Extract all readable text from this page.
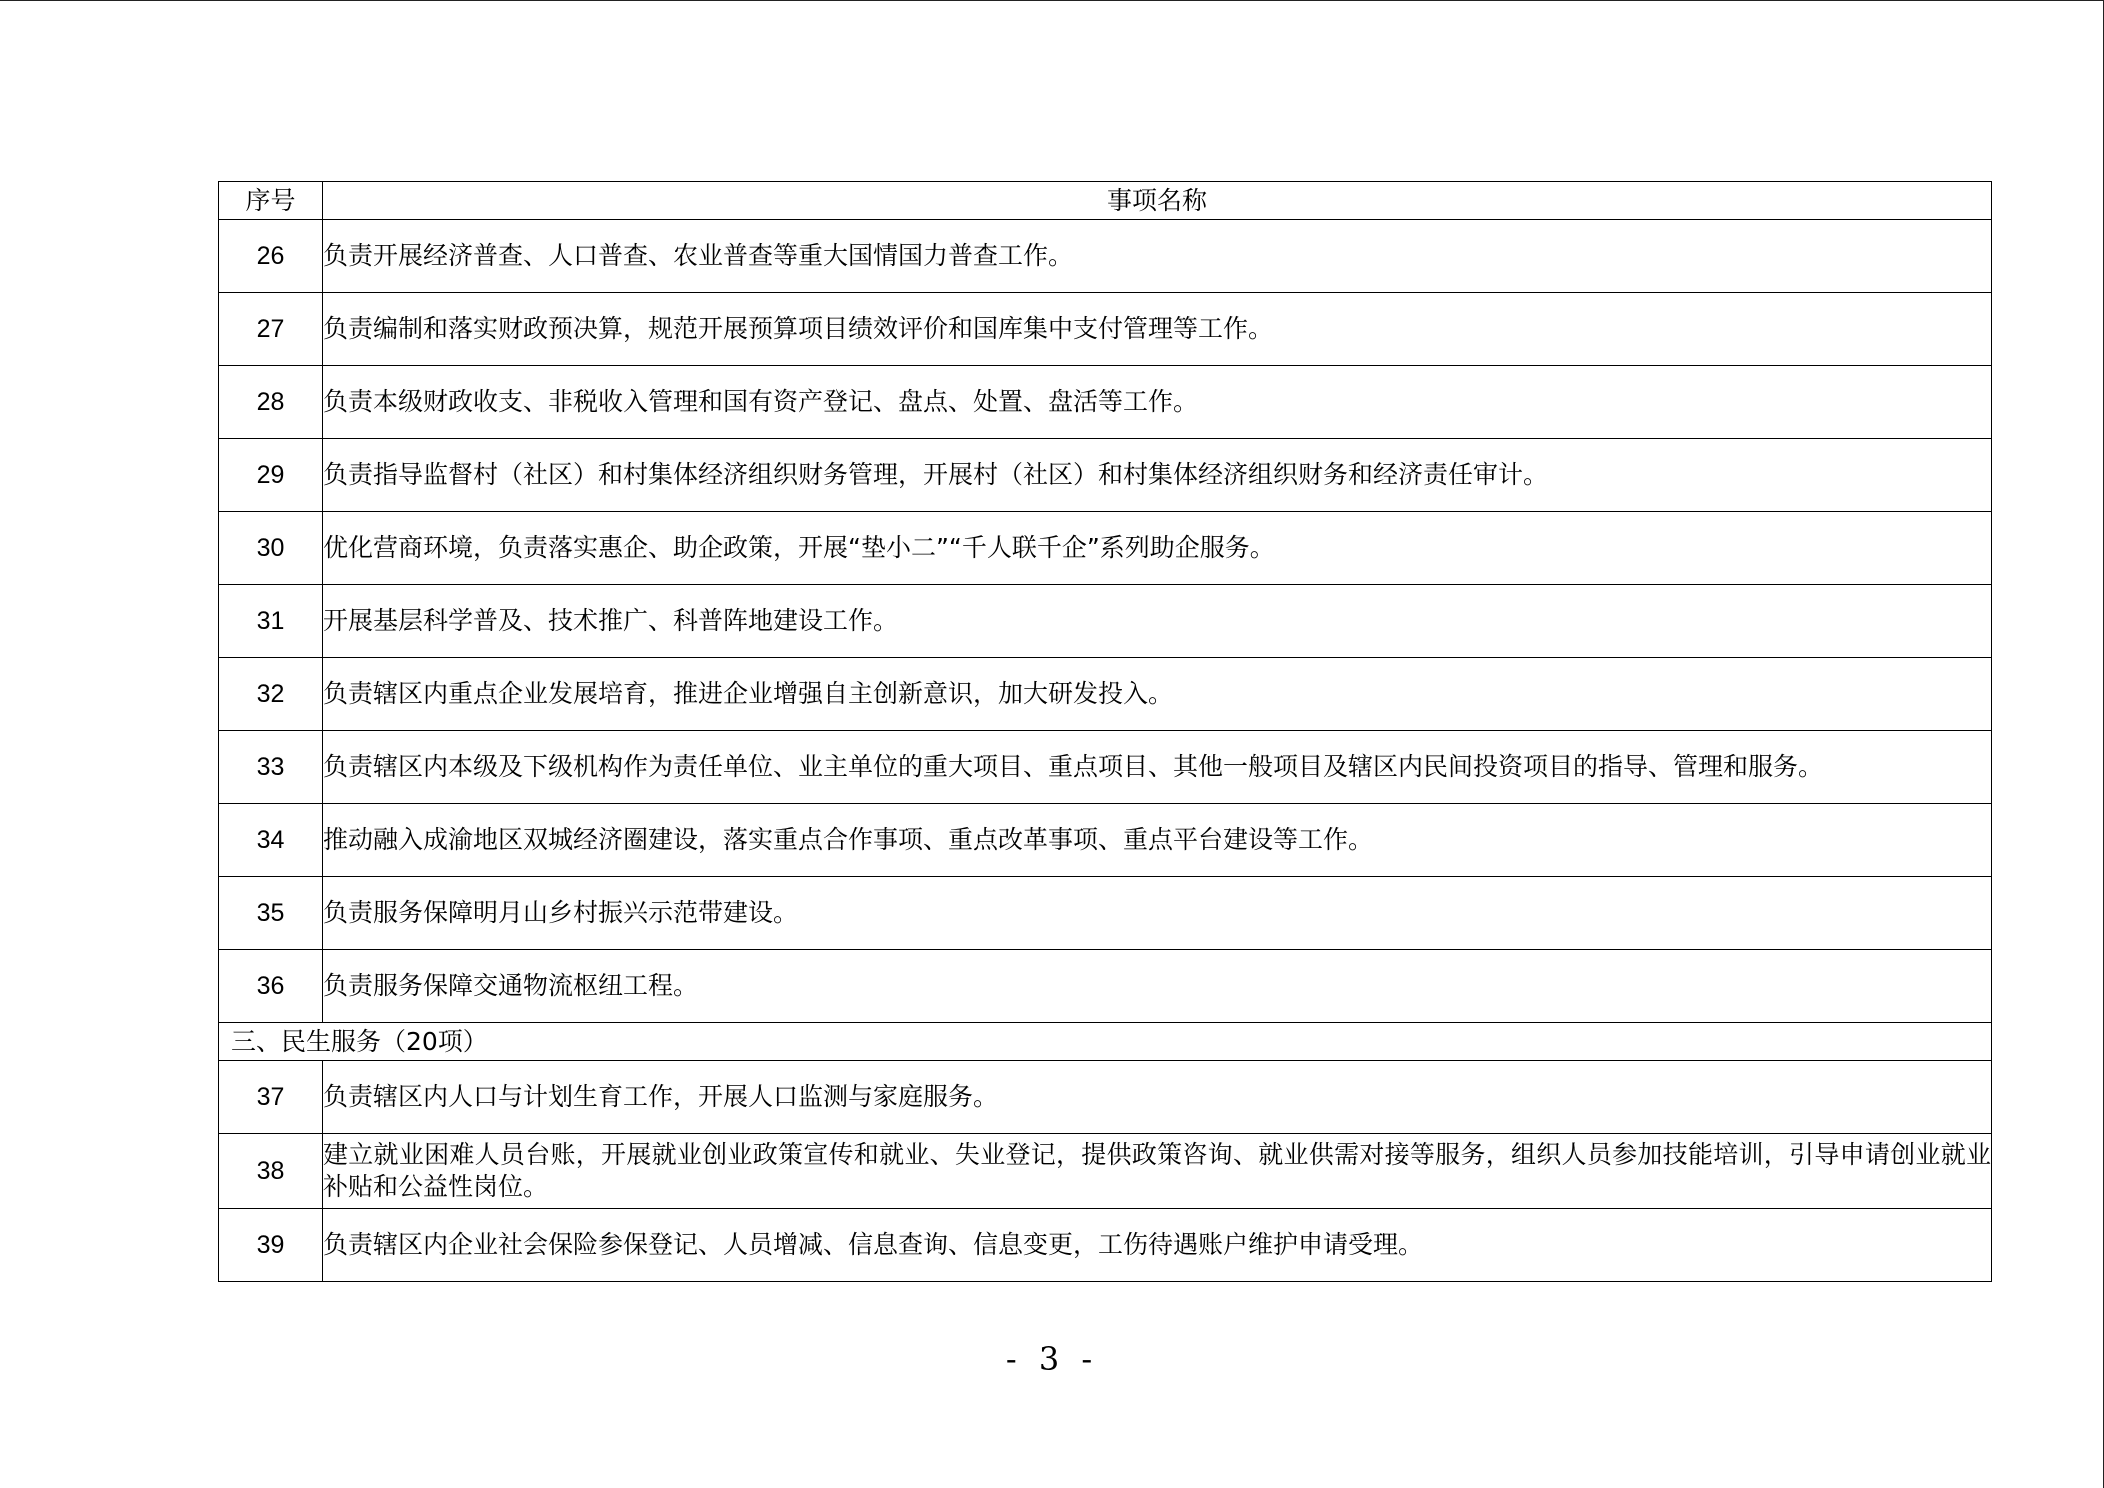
序号	事项名称
26	负责开展经济普查、人口普查、农业普查等重大国情国力普查工作。
27	负责编制和落实财政预决算，规范开展预算项目绩效评价和国库集中支付管理等工作。
28	负责本级财政收支、非税收入管理和国有资产登记、盘点、处置、盘活等工作。
29	负责指导监督村（社区）和村集体经济组织财务管理，开展村（社区）和村集体经济组织财务和经济责任审计。
30	优化营商环境，负责落实惠企、助企政策，开展“垫小二”“千人联千企”系列助企服务。
31	开展基层科学普及、技术推广、科普阵地建设工作。
32	负责辖区内重点企业发展培育，推进企业增强自主创新意识，加大研发投入。
33	负责辖区内本级及下级机构作为责任单位、业主单位的重大项目、重点项目、其他一般项目及辖区内民间投资项目的指导、管理和服务。
34	推动融入成渝地区双城经济圈建设，落实重点合作事项、重点改革事项、重点平台建设等工作。
35	负责服务保障明月山乡村振兴示范带建设。
36	负责服务保障交通物流枢纽工程。
三、民生服务（20项）	
37	负责辖区内人口与计划生育工作，开展人口监测与家庭服务。
38	建立就业困难人员台账，开展就业创业政策宣传和就业、失业登记，提供政策咨询、就业供需对接等服务，组织人员参加技能培训，引导申请创业就业补贴和公益性岗位。
39	负责辖区内企业社会保险参保登记、人员增减、信息查询、信息变更，工伤待遇账户维护申请受理。
- 3 -
